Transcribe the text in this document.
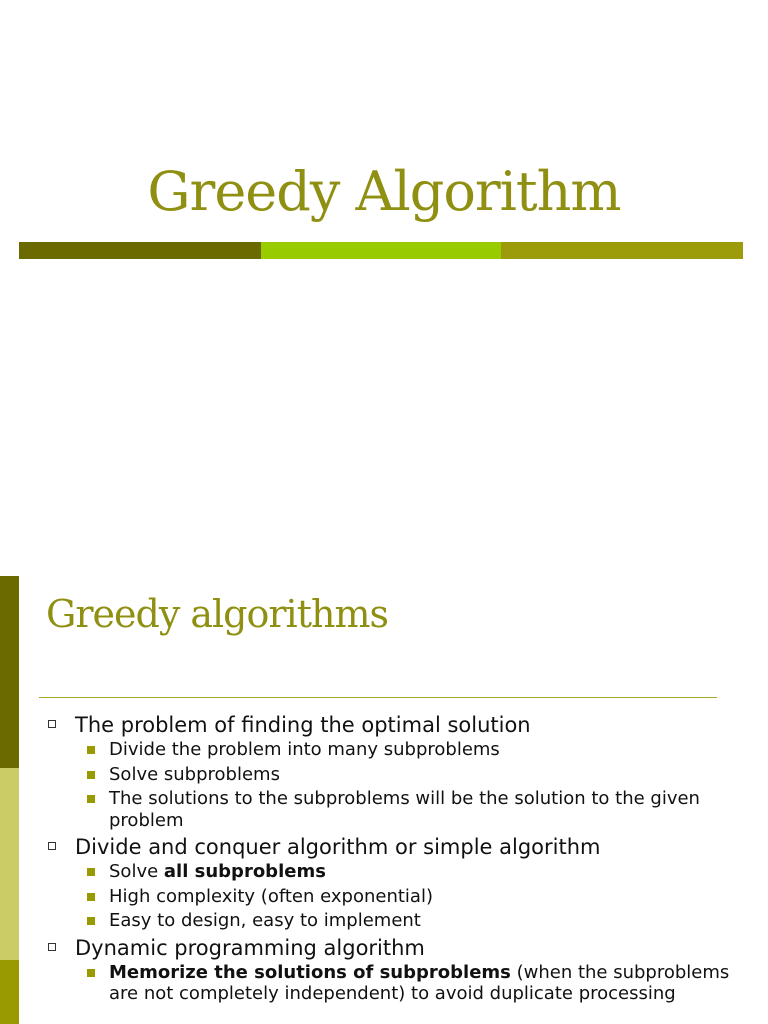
Greedy Algorithm
Greedy algorithms
The problem of finding the optimal solution
Divide the problem into many subproblems
Solve subproblems
The solutions to the subproblems will be the solution to the given problem
Divide and conquer algorithm or simple algorithm
Solve all subproblems
High complexity (often exponential)
Easy to design, easy to implement
Dynamic programming algorithm
Memorize the solutions of subproblems (when the subproblems are not completely independent) to avoid duplicate processing
